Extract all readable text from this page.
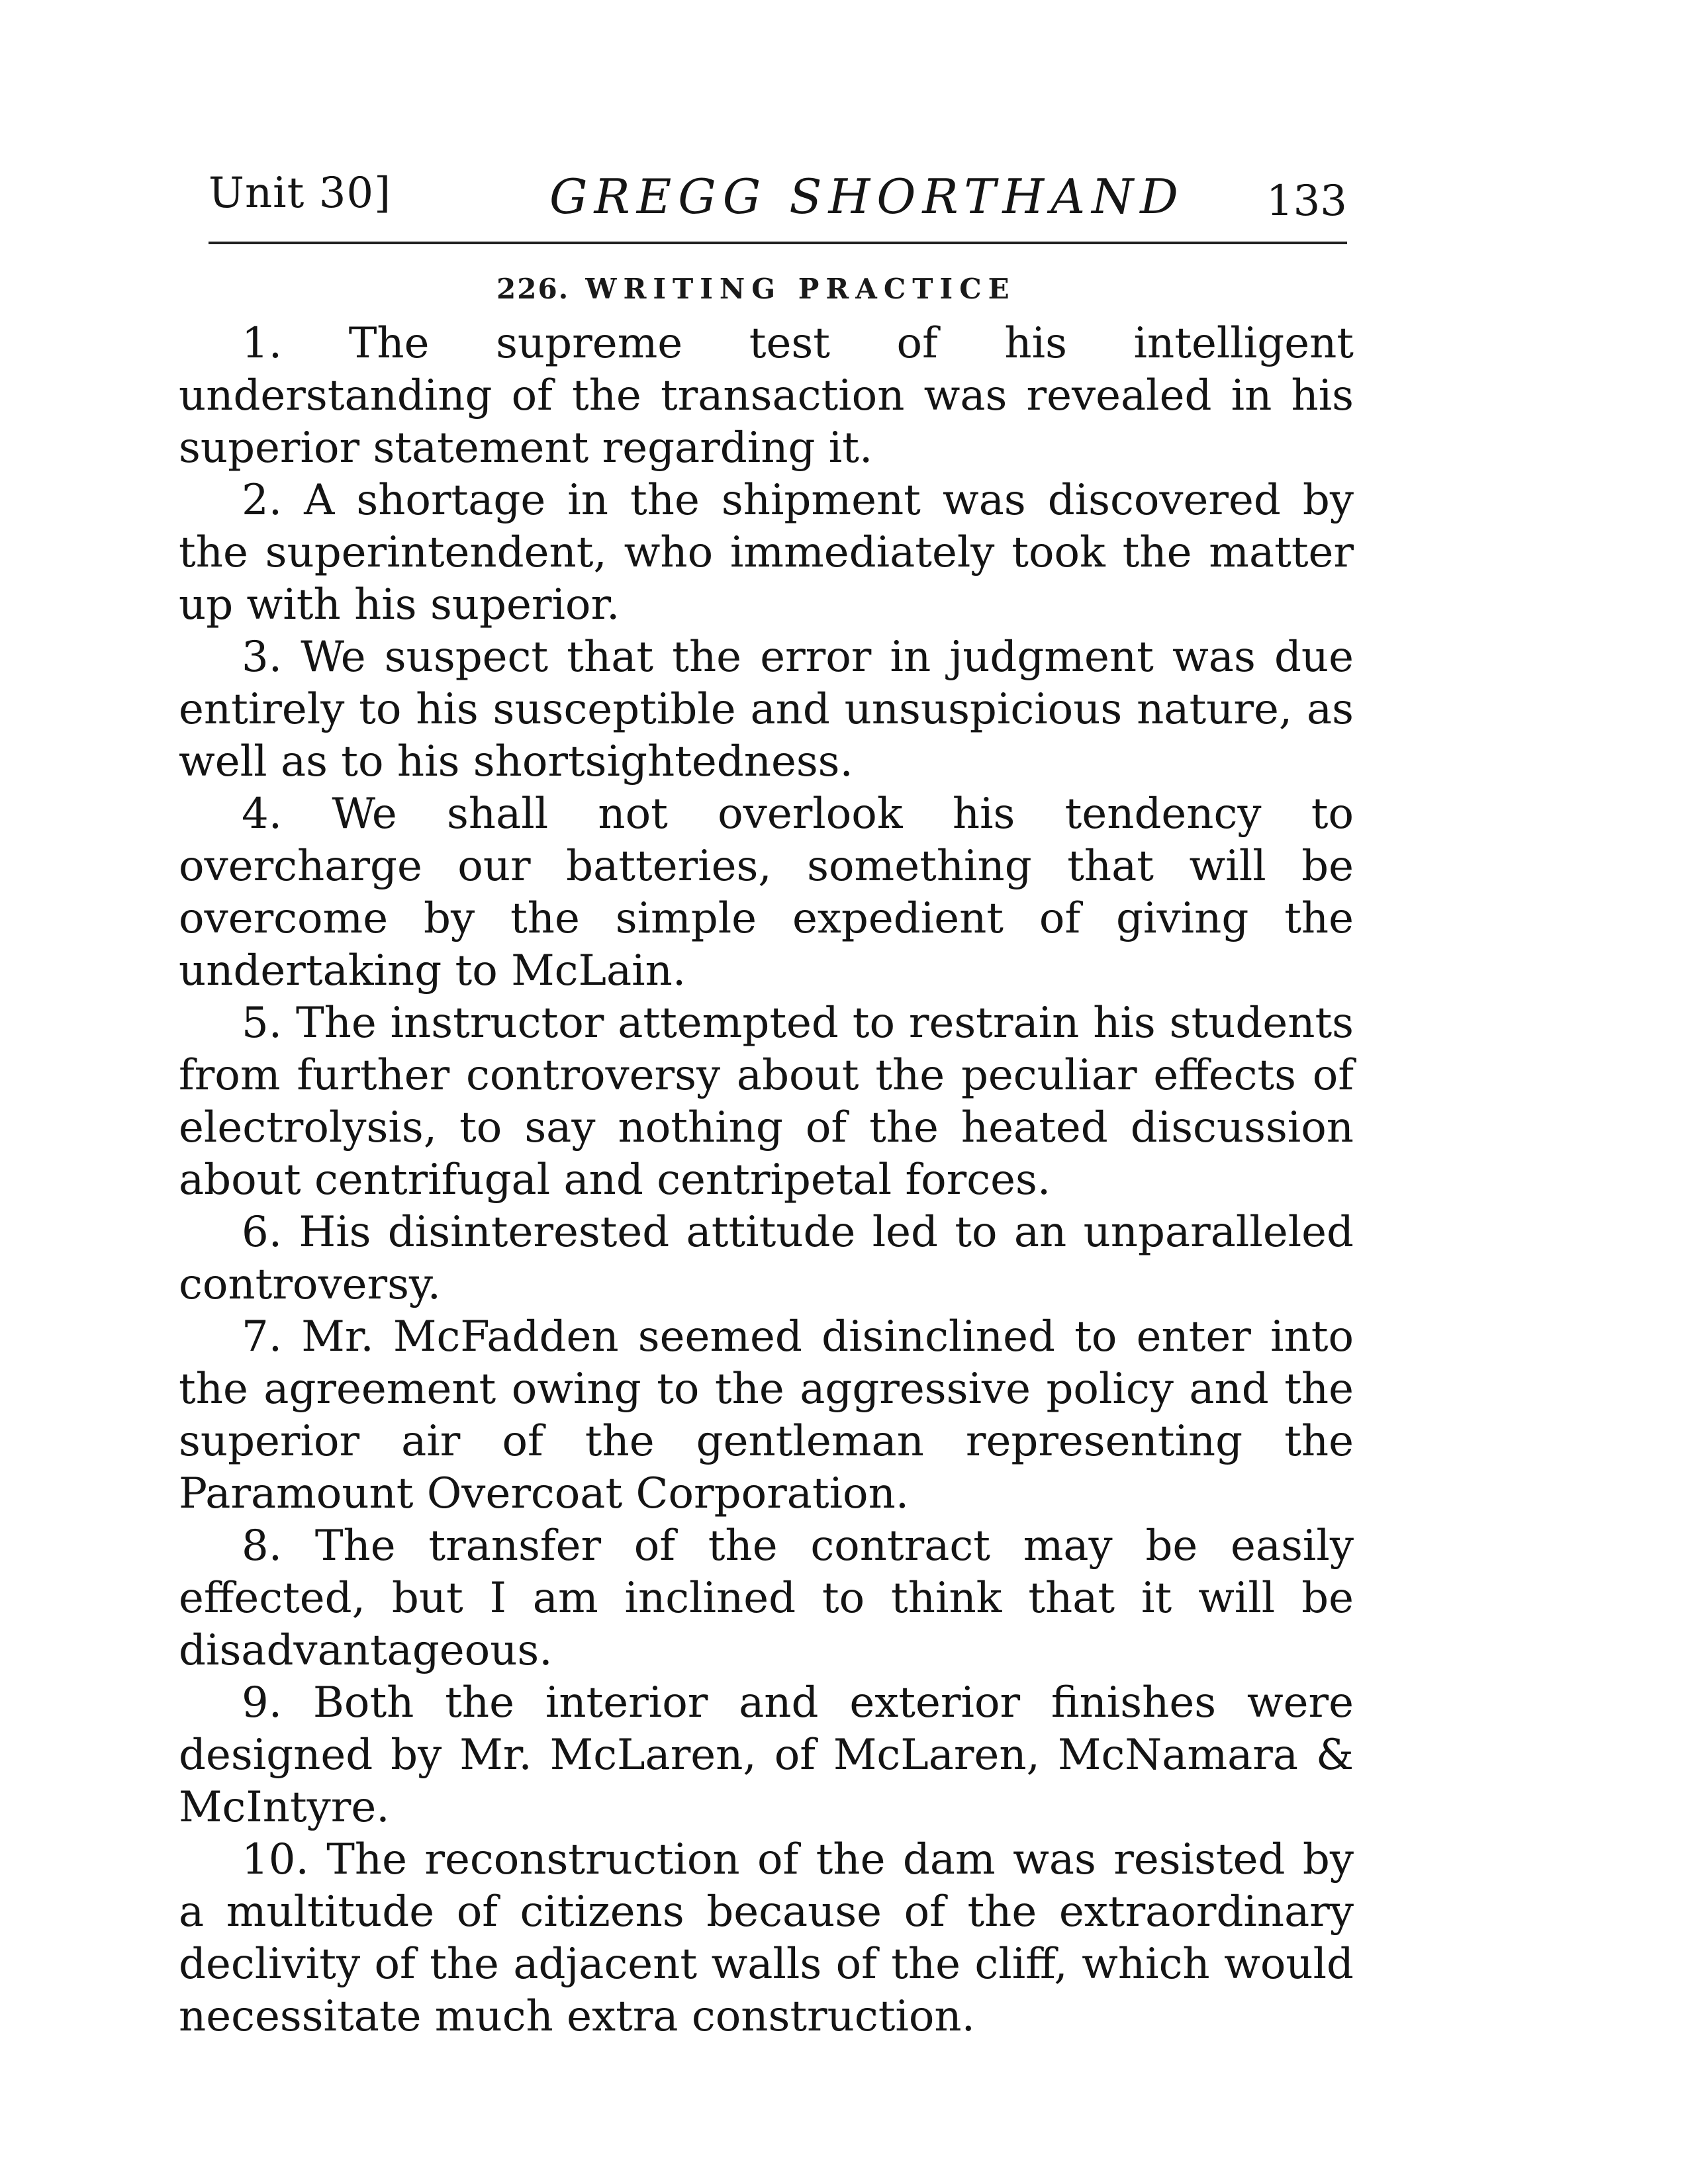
Unit 30]	GREGG SHORTHAND 133
226. WRITING PRACTICE
1. The supreme test of his intelligent understanding of the transaction was revealed in his superior statement regarding it.
2. A shortage in the shipment was discovered by the superintendent, who immediately took the matter up with his superior.
3. We suspect that the error in judgment was due entirely to his susceptible and unsuspicious nature, as well as to his shortsightedness.
4. We shall not overlook his tendency to overcharge our batteries, something that will be overcome by the simple expedient of giving the undertaking to McLain.
5. The instructor attempted to restrain his students from further controversy about the peculiar effects of electrolysis, to say nothing of the heated discussion about centrifugal and centripetal forces.
6. His disinterested attitude led to an unparalleled controversy.
7. Mr. McFadden seemed disinclined to enter into the agreement owing to the aggressive policy and the superior air of the gentleman representing the Paramount Overcoat Corporation.
8. The transfer of the contract may be easily effected, but I am inclined to think that it will be disadvantageous.
9. Both the interior and exterior finishes were designed by Mr. McLaren, of McLaren, McNamara & McIntyre.
10. The reconstruction of the dam was resisted by a multitude of citizens because of the extraordinary declivity of the adjacent walls of the cliff, which would necessitate much extra construction.
